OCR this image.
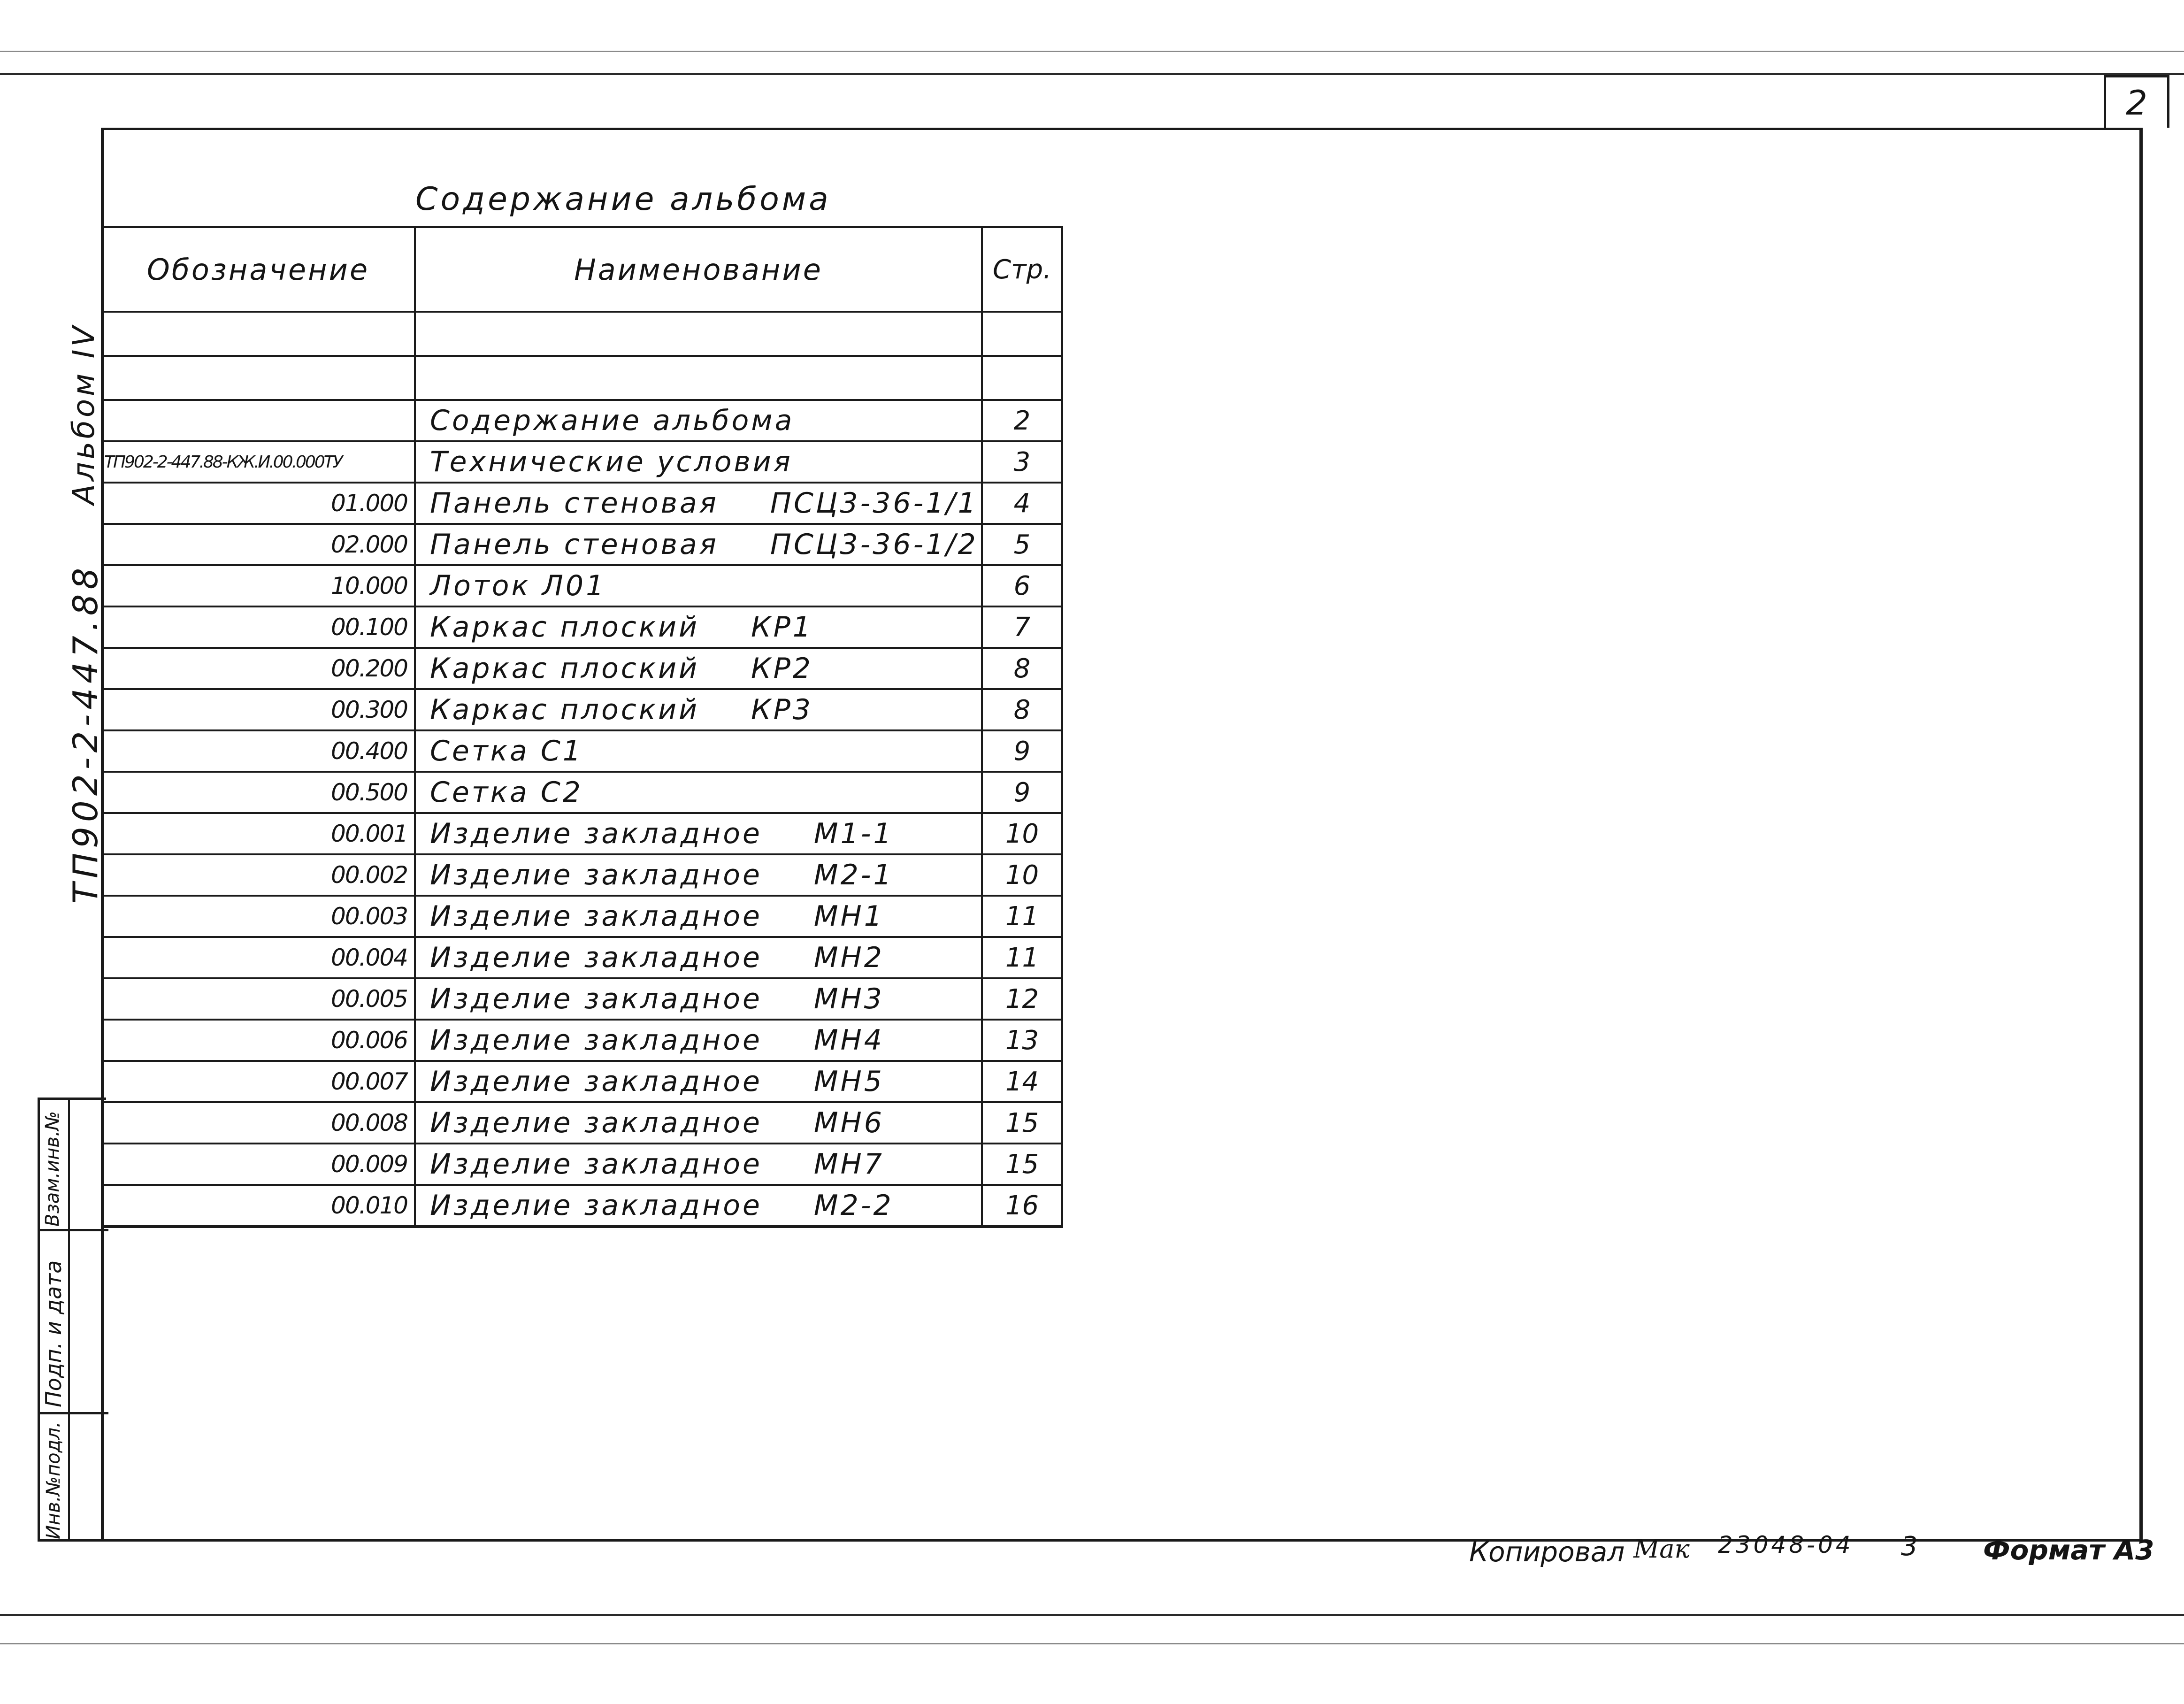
2
Содержание альбома
Обозначение	Наименование	Стр.

	Содержание альбома	2
ТП902-2-447.88-КЖ.И.00.000ТУ	Технические условия	3
01.000	Панель стеновая ПСЦ3-36-1/1	4
02.000	Панель стеновая ПСЦ3-36-1/2	5
10.000	Лоток Л01	6
00.100	Каркас плоский КР1	7
00.200	Каркас плоский КР2	8
00.300	Каркас плоский КР3	8
00.400	Сетка С1	9
00.500	Сетка С2	9
00.001	Изделие закладное М1-1	10
00.002	Изделие закладное М2-1	10
00.003	Изделие закладное МН1	11
00.004	Изделие закладное МН2	11
00.005	Изделие закладное МН3	12
00.006	Изделие закладное МН4	13
00.007	Изделие закладное МН5	14
00.008	Изделие закладное МН6	15
00.009	Изделие закладное МН7	15
00.010	Изделие закладное М2-2	16
Альбом IV
ТП902-2-447.88
Взам.инв.№
Подп. и дата
Инв.№подл.
Копировал Мак 23048-04 3 Формат А3
